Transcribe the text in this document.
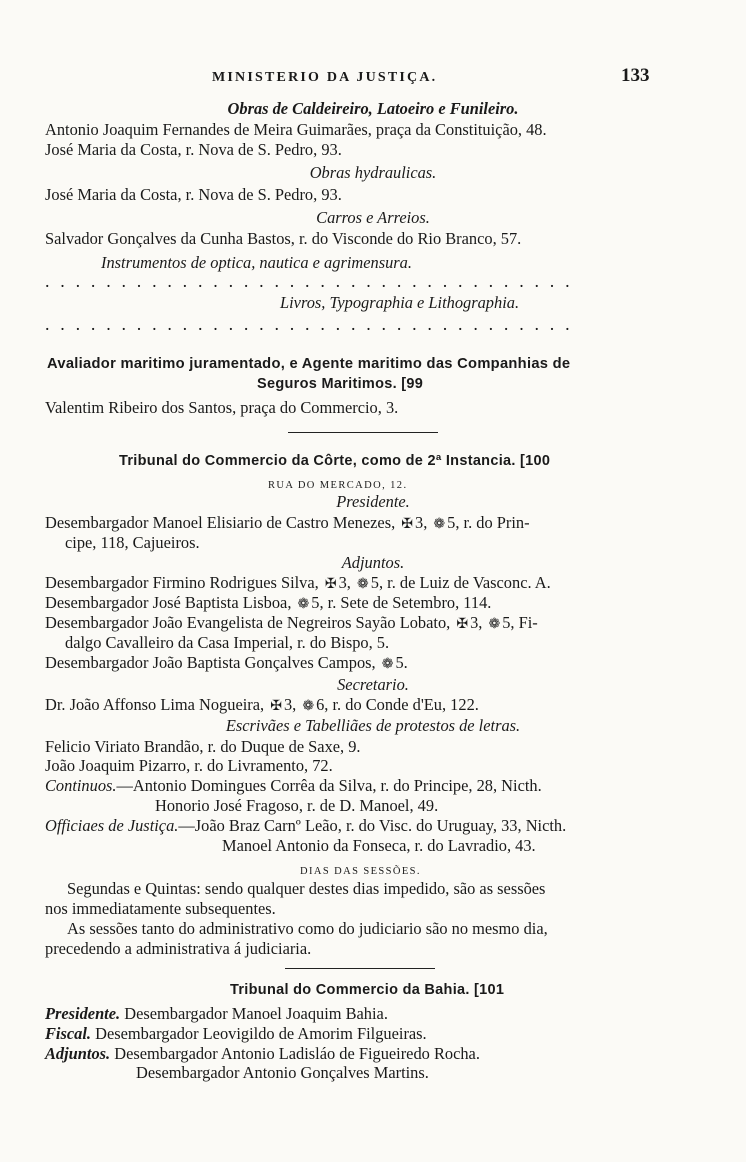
MINISTERIO DA JUSTIÇA.	133
Obras de Caldeireiro, Latoeiro e Funileiro.
Antonio Joaquim Fernandes de Meira Guimarães, praça da Constituição, 48.
José Maria da Costa, r. Nova de S. Pedro, 93.
Obras hydraulicas.
José Maria da Costa, r. Nova de S. Pedro, 93.
Carros e Arreios.
Salvador Gonçalves da Cunha Bastos, r. do Visconde do Rio Branco, 57.
Instrumentos de optica, nautica e agrimensura.
. . . . . . . . . . . . . . . . . . . . . . . . . . . . . . . . . . .
Livros, Typographia e Lithographia.
. . . . . . . . . . . . . . . . . . . . . . . . . . . . . . . . . . .
Avaliador maritimo juramentado, e Agente maritimo das Companhias de
Seguros Maritimos. [99
Valentim Ribeiro dos Santos, praça do Commercio, 3.
Tribunal do Commercio da Côrte, como de 2ª Instancia. [100
RUA DO MERCADO, 12.
Presidente.
Desembargador Manoel Elisiario de Castro Menezes, ✠ 3, ❁ 5, r. do Prin-
cipe, 118, Cajueiros.
Adjuntos.
Desembargador Firmino Rodrigues Silva, ✠ 3, ❁ 5, r. de Luiz de Vasconc. A.
Desembargador José Baptista Lisboa, ❁ 5, r. Sete de Setembro, 114.
Desembargador João Evangelista de Negreiros Sayão Lobato, ✠ 3, ❁ 5, Fi-
dalgo Cavalleiro da Casa Imperial, r. do Bispo, 5.
Desembargador João Baptista Gonçalves Campos, ❁ 5.
Secretario.
Dr. João Affonso Lima Nogueira, ✠ 3, ❁ 6, r. do Conde d'Eu, 122.
Escrivães e Tabelliães de protestos de letras.
Felicio Viriato Brandão, r. do Duque de Saxe, 9.
João Joaquim Pizarro, r. do Livramento, 72.
Continuos.—Antonio Domingues Corrêa da Silva, r. do Principe, 28, Nicth.
Honorio José Fragoso, r. de D. Manoel, 49.
Officiaes de Justiça.—João Braz Carnº Leão, r. do Visc. do Uruguay, 33, Nicth.
Manoel Antonio da Fonseca, r. do Lavradio, 43.
DIAS DAS SESSÕES.
Segundas e Quintas: sendo qualquer destes dias impedido, são as sessões
nos immediatamente subsequentes.
As sessões tanto do administrativo como do judiciario são no mesmo dia,
precedendo a administrativa á judiciaria.
Tribunal do Commercio da Bahia. [101
Presidente. Desembargador Manoel Joaquim Bahia.
Fiscal. Desembargador Leovigildo de Amorim Filgueiras.
Adjuntos. Desembargador Antonio Ladisláo de Figueiredo Rocha.
Desembargador Antonio Gonçalves Martins.
